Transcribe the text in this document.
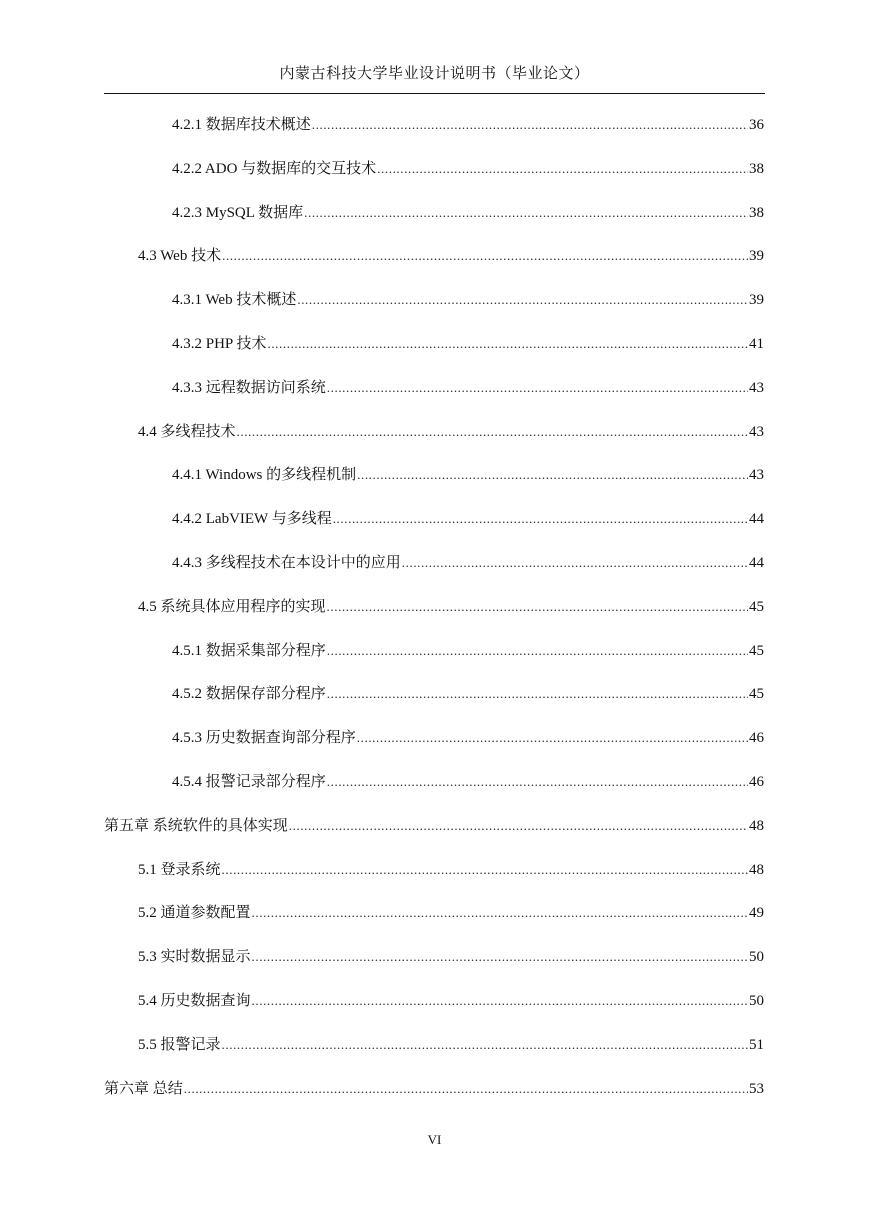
内蒙古科技大学毕业设计说明书（毕业论文）
4.2.1 数据库技术概述 .....	36
4.2.2 ADO 与数据库的交互技术 .....	38
4.2.3 MySQL 数据库 .....	38
4.3 Web 技术 .....	39
4.3.1 Web 技术概述 .....	39
4.3.2 PHP 技术 .....	41
4.3.3 远程数据访问系统 .....	43
4.4 多线程技术 .....	43
4.4.1 Windows 的多线程机制 .....	43
4.4.2 LabVIEW 与多线程 .....	44
4.4.3 多线程技术在本设计中的应用 .....	44
4.5 系统具体应用程序的实现 .....	45
4.5.1 数据采集部分程序 .....	45
4.5.2 数据保存部分程序 .....	45
4.5.3 历史数据查询部分程序 .....	46
4.5.4 报警记录部分程序 .....	46
第五章 系统软件的具体实现 .....	48
5.1 登录系统 .....	48
5.2 通道参数配置 .....	49
5.3 实时数据显示 .....	50
5.4 历史数据查询 .....	50
5.5 报警记录 .....	51
第六章 总结 .....	53
VI
